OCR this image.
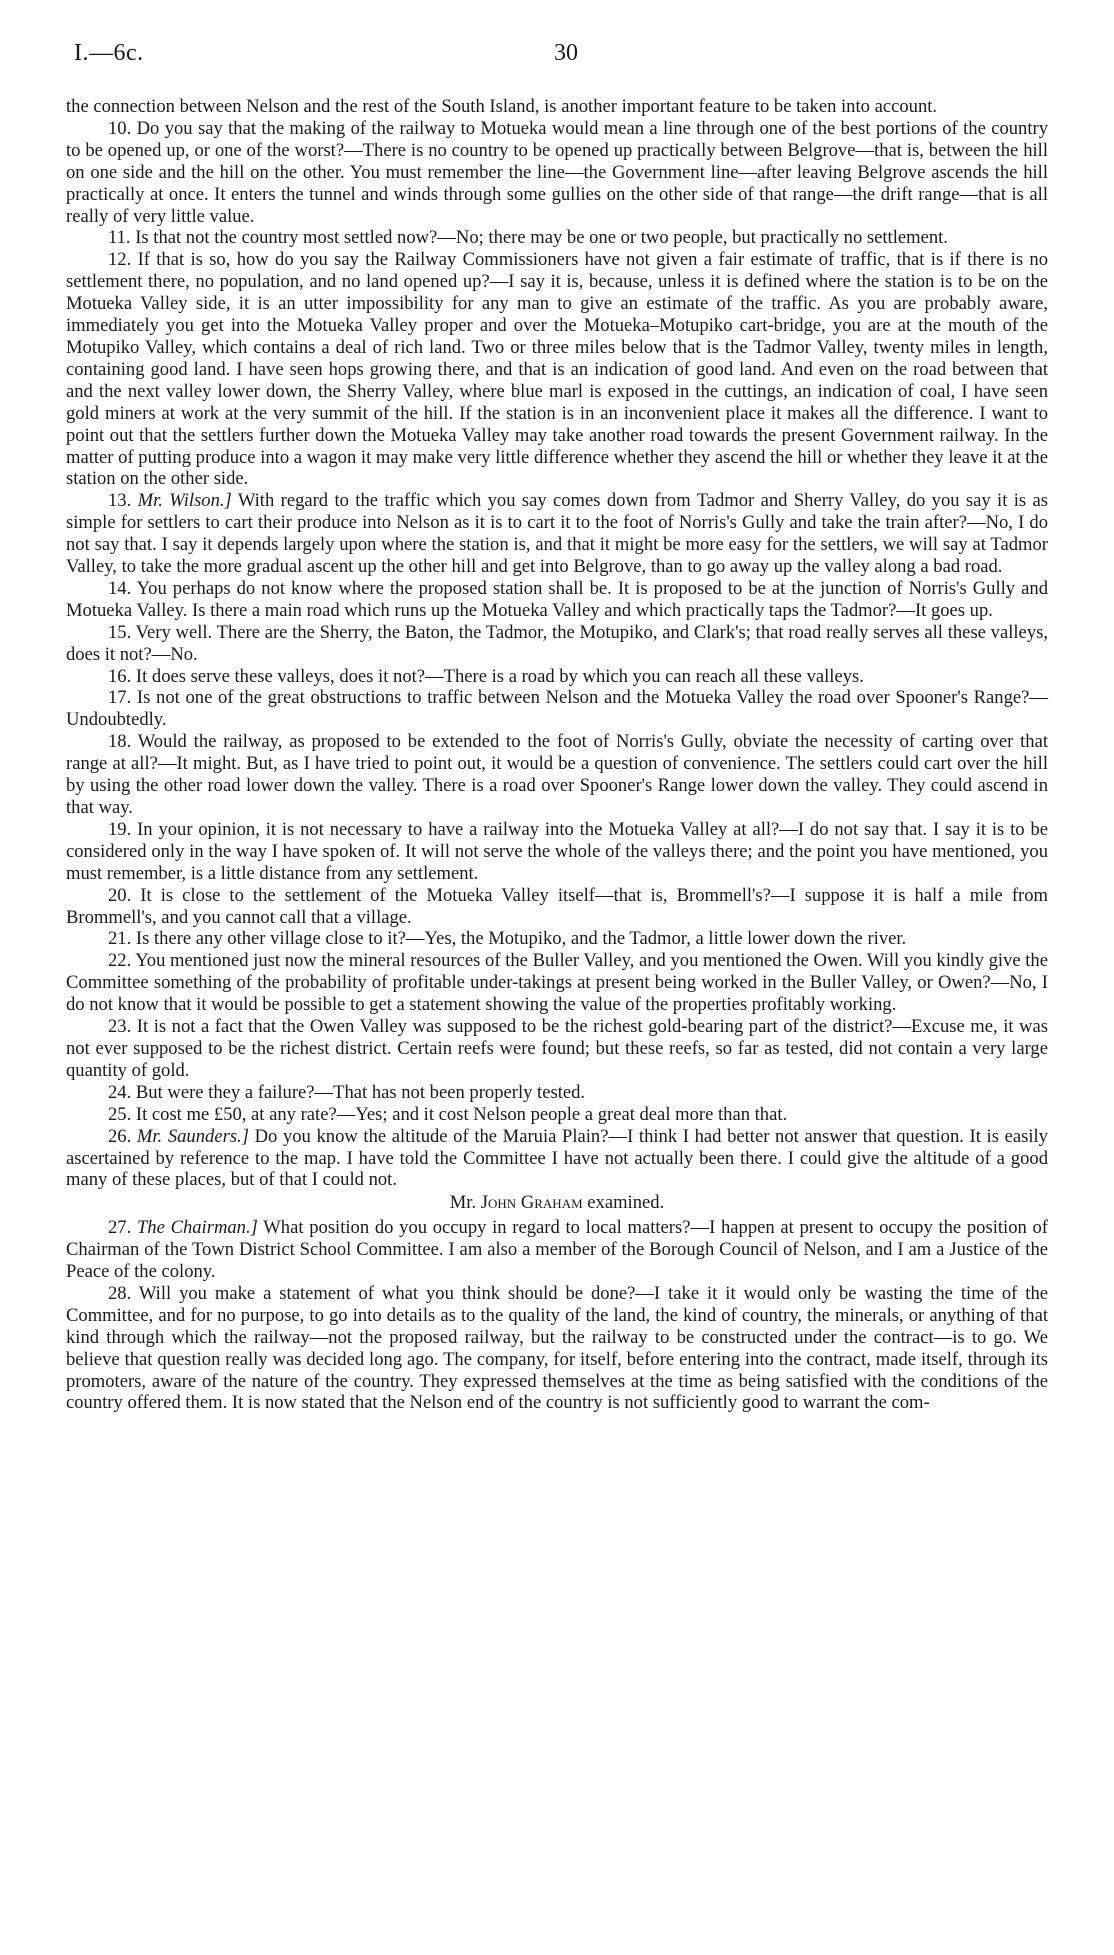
I.—6c.	30

the connection between Nelson and the rest of the South Island, is another important feature to be taken into account.

10. Do you say that the making of the railway to Motueka would mean a line through one of the best portions of the country to be opened up, or one of the worst?—There is no country to be opened up practically between Belgrove—that is, between the hill on one side and the hill on the other. You must remember the line—the Government line—after leaving Belgrove ascends the hill practically at once. It enters the tunnel and winds through some gullies on the other side of that range—the drift range—that is all really of very little value.

11. Is that not the country most settled now?—No; there may be one or two people, but practically no settlement.

12. If that is so, how do you say the Railway Commissioners have not given a fair estimate of traffic, that is if there is no settlement there, no population, and no land opened up?—I say it is, because, unless it is defined where the station is to be on the Motueka Valley side, it is an utter impossibility for any man to give an estimate of the traffic. As you are probably aware, immediately you get into the Motueka Valley proper and over the Motueka–Motupiko cart-bridge, you are at the mouth of the Motupiko Valley, which contains a deal of rich land. Two or three miles below that is the Tadmor Valley, twenty miles in length, containing good land. I have seen hops growing there, and that is an indication of good land. And even on the road between that and the next valley lower down, the Sherry Valley, where blue marl is exposed in the cuttings, an indication of coal, I have seen gold miners at work at the very summit of the hill. If the station is in an inconvenient place it makes all the difference. I want to point out that the settlers further down the Motueka Valley may take another road towards the present Government railway. In the matter of putting produce into a wagon it may make very little difference whether they ascend the hill or whether they leave it at the station on the other side.

13. Mr. Wilson.] With regard to the traffic which you say comes down from Tadmor and Sherry Valley, do you say it is as simple for settlers to cart their produce into Nelson as it is to cart it to the foot of Norris's Gully and take the train after?—No, I do not say that. I say it depends largely upon where the station is, and that it might be more easy for the settlers, we will say at Tadmor Valley, to take the more gradual ascent up the other hill and get into Belgrove, than to go away up the valley along a bad road.

14. You perhaps do not know where the proposed station shall be. It is proposed to be at the junction of Norris's Gully and Motueka Valley. Is there a main road which runs up the Motueka Valley and which practically taps the Tadmor?—It goes up.

15. Very well. There are the Sherry, the Baton, the Tadmor, the Motupiko, and Clark's; that road really serves all these valleys, does it not?—No.

16. It does serve these valleys, does it not?—There is a road by which you can reach all these valleys.

17. Is not one of the great obstructions to traffic between Nelson and the Motueka Valley the road over Spooner's Range?—Undoubtedly.

18. Would the railway, as proposed to be extended to the foot of Norris's Gully, obviate the necessity of carting over that range at all?—It might. But, as I have tried to point out, it would be a question of convenience. The settlers could cart over the hill by using the other road lower down the valley. There is a road over Spooner's Range lower down the valley. They could ascend in that way.

19. In your opinion, it is not necessary to have a railway into the Motueka Valley at all?—I do not say that. I say it is to be considered only in the way I have spoken of. It will not serve the whole of the valleys there; and the point you have mentioned, you must remember, is a little distance from any settlement.

20. It is close to the settlement of the Motueka Valley itself—that is, Brommell's?—I suppose it is half a mile from Brommell's, and you cannot call that a village.

21. Is there any other village close to it?—Yes, the Motupiko, and the Tadmor, a little lower down the river.

22. You mentioned just now the mineral resources of the Buller Valley, and you mentioned the Owen. Will you kindly give the Committee something of the probability of profitable under-takings at present being worked in the Buller Valley, or Owen?—No, I do not know that it would be possible to get a statement showing the value of the properties profitably working.

23. It is not a fact that the Owen Valley was supposed to be the richest gold-bearing part of the district?—Excuse me, it was not ever supposed to be the richest district. Certain reefs were found; but these reefs, so far as tested, did not contain a very large quantity of gold.

24. But were they a failure?—That has not been properly tested.

25. It cost me £50, at any rate?—Yes; and it cost Nelson people a great deal more than that.

26. Mr. Saunders.] Do you know the altitude of the Maruia Plain?—I think I had better not answer that question. It is easily ascertained by reference to the map. I have told the Committee I have not actually been there. I could give the altitude of a good many of these places, but of that I could not.

Mr. John Graham examined.

27. The Chairman.] What position do you occupy in regard to local matters?—I happen at present to occupy the position of Chairman of the Town District School Committee. I am also a member of the Borough Council of Nelson, and I am a Justice of the Peace of the colony.

28. Will you make a statement of what you think should be done?—I take it it would only be wasting the time of the Committee, and for no purpose, to go into details as to the quality of the land, the kind of country, the minerals, or anything of that kind through which the railway—not the proposed railway, but the railway to be constructed under the contract—is to go. We believe that question really was decided long ago. The company, for itself, before entering into the contract, made itself, through its promoters, aware of the nature of the country. They expressed themselves at the time as being satisfied with the conditions of the country offered them. It is now stated that the Nelson end of the country is not sufficiently good to warrant the com-
